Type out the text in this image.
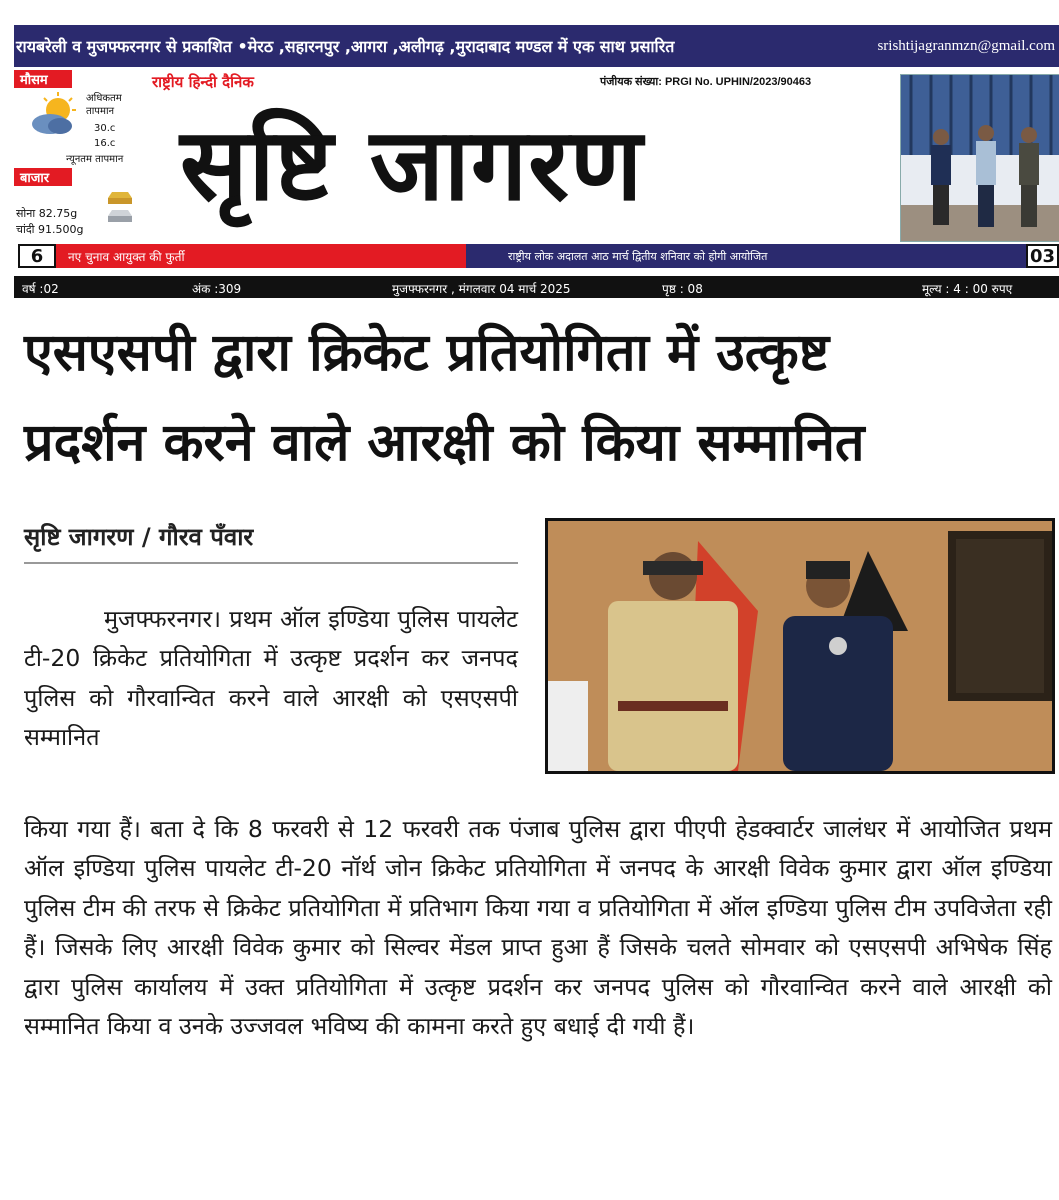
रायबरेली व मुजफ्फरनगर से प्रकाशित •मेरठ ,सहारनपुर ,आगरा ,अलीगढ़ ,मुरादाबाद मण्डल में एक साथ प्रसारित	srishtijagranmzn@gmail.com
मौसम
अधिकतम तापमान
30.c
16.c
न्यूनतम तापमान
बाजार
सोना 82.75g
चांदी 91.500g
राष्ट्रीय हिन्दी दैनिक	पंजीयक संख्या: PRGI No. UPHIN/2023/90463
सृष्टि जागरण
6	नए चुनाव आयुक्त की फुर्ती	राष्ट्रीय लोक अदालत आठ मार्च द्वितीय शनिवार को होगी आयोजित	03
वर्ष :02	अंक :309	मुजफ्फरनगर , मंगलवार 04 मार्च 2025	पृष्ठ : 08	मूल्य : 4 : 00 रुपए
एसएसपी द्वारा क्रिकेट प्रतियोगिता में उत्कृष्ट
प्रदर्शन करने वाले आरक्षी को किया सम्मानित
सृष्टि जागरण / गौरव पँवार
मुजफ्फरनगर। प्रथम ऑल इण्डिया पुलिस पायलेट टी-20 क्रिकेट प्रतियोगिता में उत्कृष्ट प्रदर्शन कर जनपद पुलिस को गौरवान्वित करने वाले आरक्षी को एसएसपी सम्मानित
किया गया हैं। बता दे कि 8 फरवरी से 12 फरवरी तक पंजाब पुलिस द्वारा पीएपी हेडक्वार्टर जालंधर में आयोजित प्रथम ऑल इण्डिया पुलिस पायलेट टी-20 नॉर्थ जोन क्रिकेट प्रतियोगिता में जनपद के आरक्षी विवेक कुमार द्वारा ऑल इण्डिया पुलिस टीम की तरफ से क्रिकेट प्रतियोगिता में प्रतिभाग किया गया व प्रतियोगिता में ऑल इण्डिया पुलिस टीम उपविजेता रही हैं। जिसके लिए आरक्षी विवेक कुमार को सिल्वर मेंडल प्राप्त हुआ हैं जिसके चलते सोमवार को एसएसपी अभिषेक सिंह द्वारा पुलिस कार्यालय में उक्त प्रतियोगिता में उत्कृष्ट प्रदर्शन कर जनपद पुलिस को गौरवान्वित करने वाले आरक्षी को सम्मानित किया व उनके उज्जवल भविष्य की कामना करते हुए बधाई दी गयी हैं।
